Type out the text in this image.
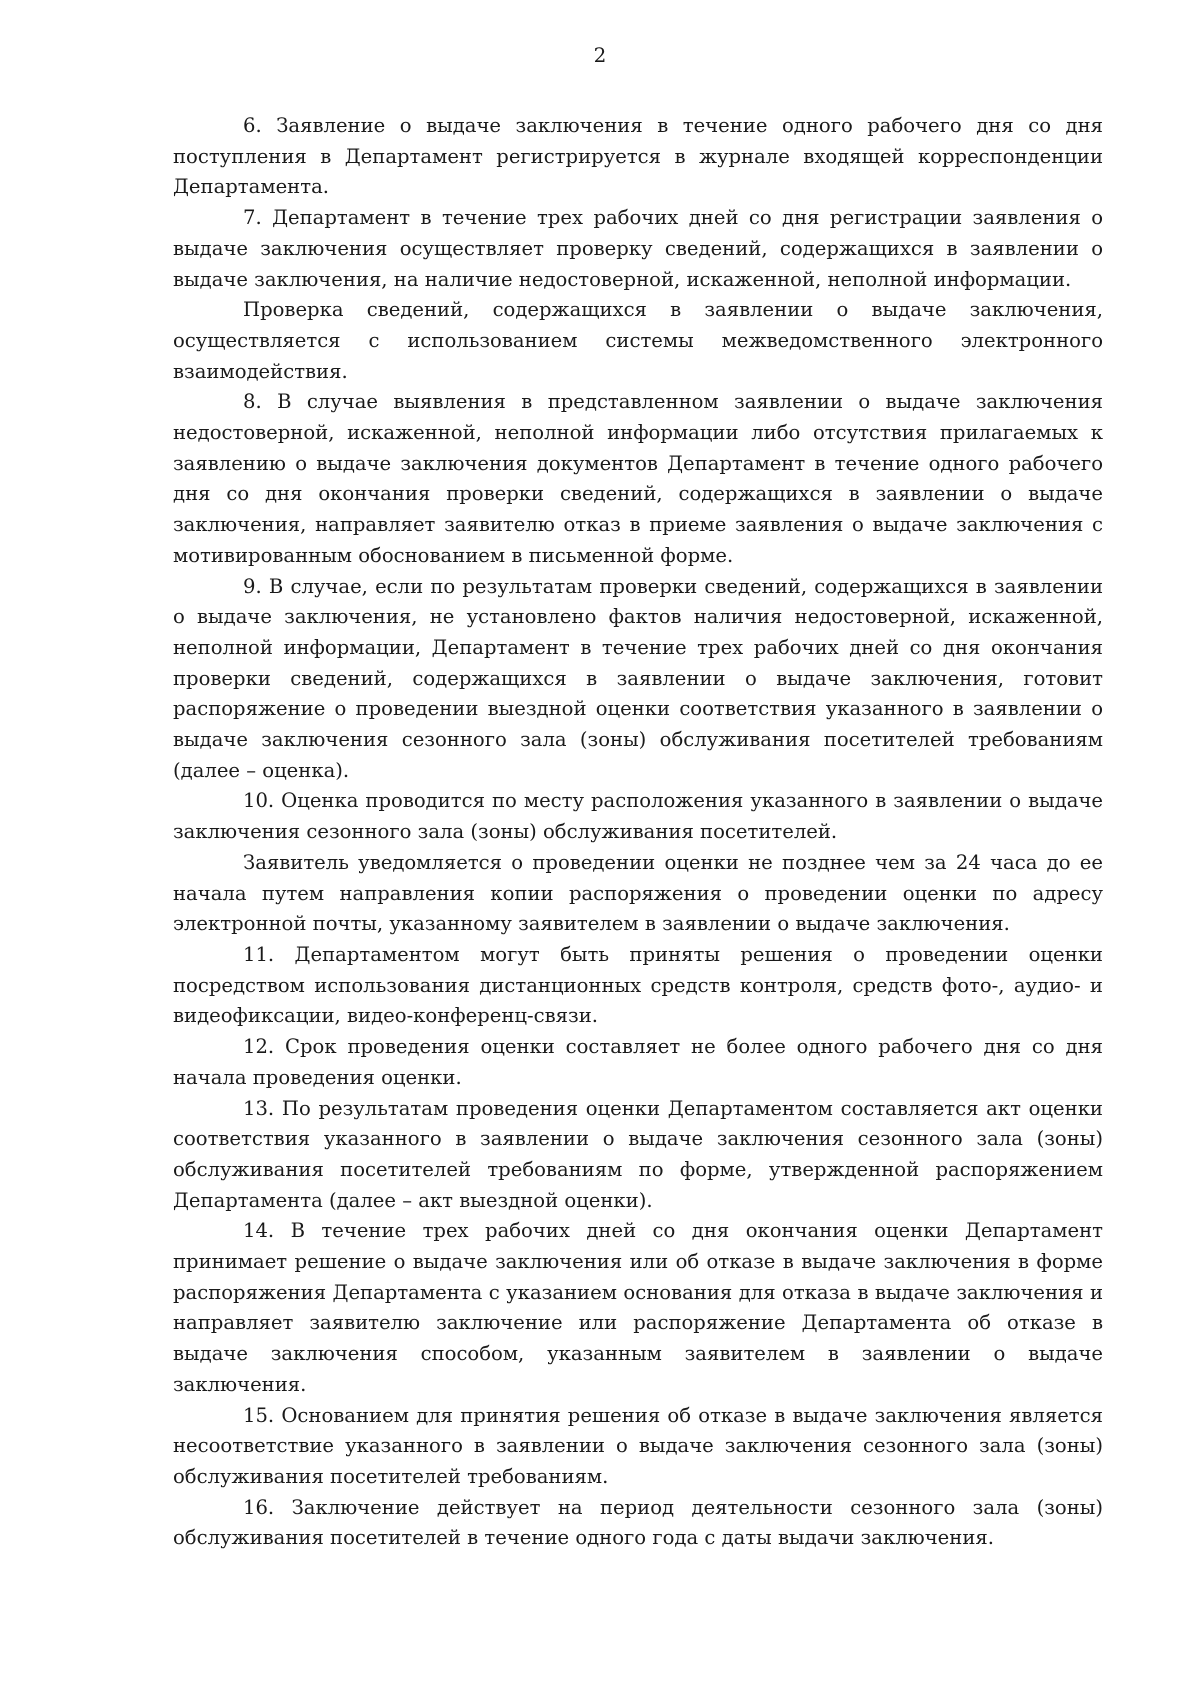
2

6. Заявление о выдаче заключения в течение одного рабочего дня со дня поступления в Департамент регистрируется в журнале входящей корреспонденции Департамента.

7. Департамент в течение трех рабочих дней со дня регистрации заявления о выдаче заключения осуществляет проверку сведений, содержащихся в заявлении о выдаче заключения, на наличие недостоверной, искаженной, неполной информации.

Проверка сведений, содержащихся в заявлении о выдаче заключения, осуществляется с использованием системы межведомственного электронного взаимодействия.

8. В случае выявления в представленном заявлении о выдаче заключения недостоверной, искаженной, неполной информации либо отсутствия прилагаемых к заявлению о выдаче заключения документов Департамент в течение одного рабочего дня со дня окончания проверки сведений, содержащихся в заявлении о выдаче заключения, направляет заявителю отказ в приеме заявления о выдаче заключения с мотивированным обоснованием в письменной форме.

9. В случае, если по результатам проверки сведений, содержащихся в заявлении о выдаче заключения, не установлено фактов наличия недостоверной, искаженной, неполной информации, Департамент в течение трех рабочих дней со дня окончания проверки сведений, содержащихся в заявлении о выдаче заключения, готовит распоряжение о проведении выездной оценки соответствия указанного в заявлении о выдаче заключения сезонного зала (зоны) обслуживания посетителей требованиям (далее – оценка).

10. Оценка проводится по месту расположения указанного в заявлении о выдаче заключения сезонного зала (зоны) обслуживания посетителей.

Заявитель уведомляется о проведении оценки не позднее чем за 24 часа до ее начала путем направления копии распоряжения о проведении оценки по адресу электронной почты, указанному заявителем в заявлении о выдаче заключения.

11. Департаментом могут быть приняты решения о проведении оценки посредством использования дистанционных средств контроля, средств фото-, аудио- и видеофиксации, видео-конференц-связи.

12. Срок проведения оценки составляет не более одного рабочего дня со дня начала проведения оценки.

13. По результатам проведения оценки Департаментом составляется акт оценки соответствия указанного в заявлении о выдаче заключения сезонного зала (зоны) обслуживания посетителей требованиям по форме, утвержденной распоряжением Департамента (далее – акт выездной оценки).

14. В течение трех рабочих дней со дня окончания оценки Департамент принимает решение о выдаче заключения или об отказе в выдаче заключения в форме распоряжения Департамента с указанием основания для отказа в выдаче заключения и направляет заявителю заключение или распоряжение Департамента об отказе в выдаче заключения способом, указанным заявителем в заявлении о выдаче заключения.

15. Основанием для принятия решения об отказе в выдаче заключения является несоответствие указанного в заявлении о выдаче заключения сезонного зала (зоны) обслуживания посетителей требованиям.

16. Заключение действует на период деятельности сезонного зала (зоны) обслуживания посетителей в течение одного года с даты выдачи заключения.
